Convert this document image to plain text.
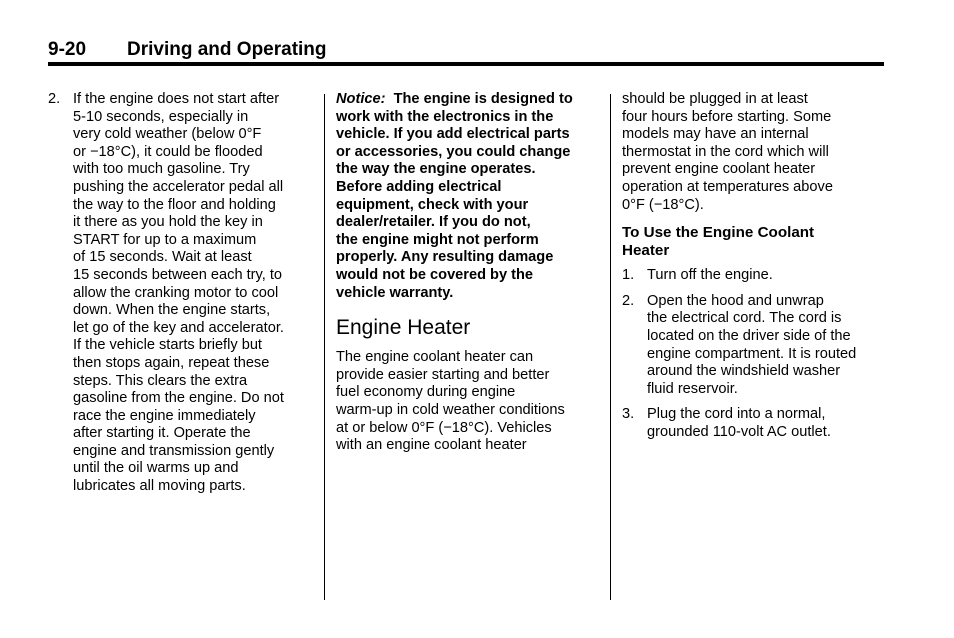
9-20 Driving and Operating
2. If the engine does not start after
5-10 seconds, especially in
very cold weather (below 0°F
or −18°C), it could be flooded
with too much gasoline. Try
pushing the accelerator pedal all
the way to the floor and holding
it there as you hold the key in
START for up to a maximum
of 15 seconds. Wait at least
15 seconds between each try, to
allow the cranking motor to cool
down. When the engine starts,
let go of the key and accelerator.
If the vehicle starts briefly but
then stops again, repeat these
steps. This clears the extra
gasoline from the engine. Do not
race the engine immediately
after starting it. Operate the
engine and transmission gently
until the oil warms up and
lubricates all moving parts.
Notice: The engine is designed to
work with the electronics in the
vehicle. If you add electrical parts
or accessories, you could change
the way the engine operates.
Before adding electrical
equipment, check with your
dealer/retailer. If you do not,
the engine might not perform
properly. Any resulting damage
would not be covered by the
vehicle warranty.
Engine Heater
The engine coolant heater can
provide easier starting and better
fuel economy during engine
warm-up in cold weather conditions
at or below 0°F (−18°C). Vehicles
with an engine coolant heater
should be plugged in at least
four hours before starting. Some
models may have an internal
thermostat in the cord which will
prevent engine coolant heater
operation at temperatures above
0°F (−18°C).
To Use the Engine Coolant
Heater
1. Turn off the engine.
2. Open the hood and unwrap
the electrical cord. The cord is
located on the driver side of the
engine compartment. It is routed
around the windshield washer
fluid reservoir.
3. Plug the cord into a normal,
grounded 110-volt AC outlet.
